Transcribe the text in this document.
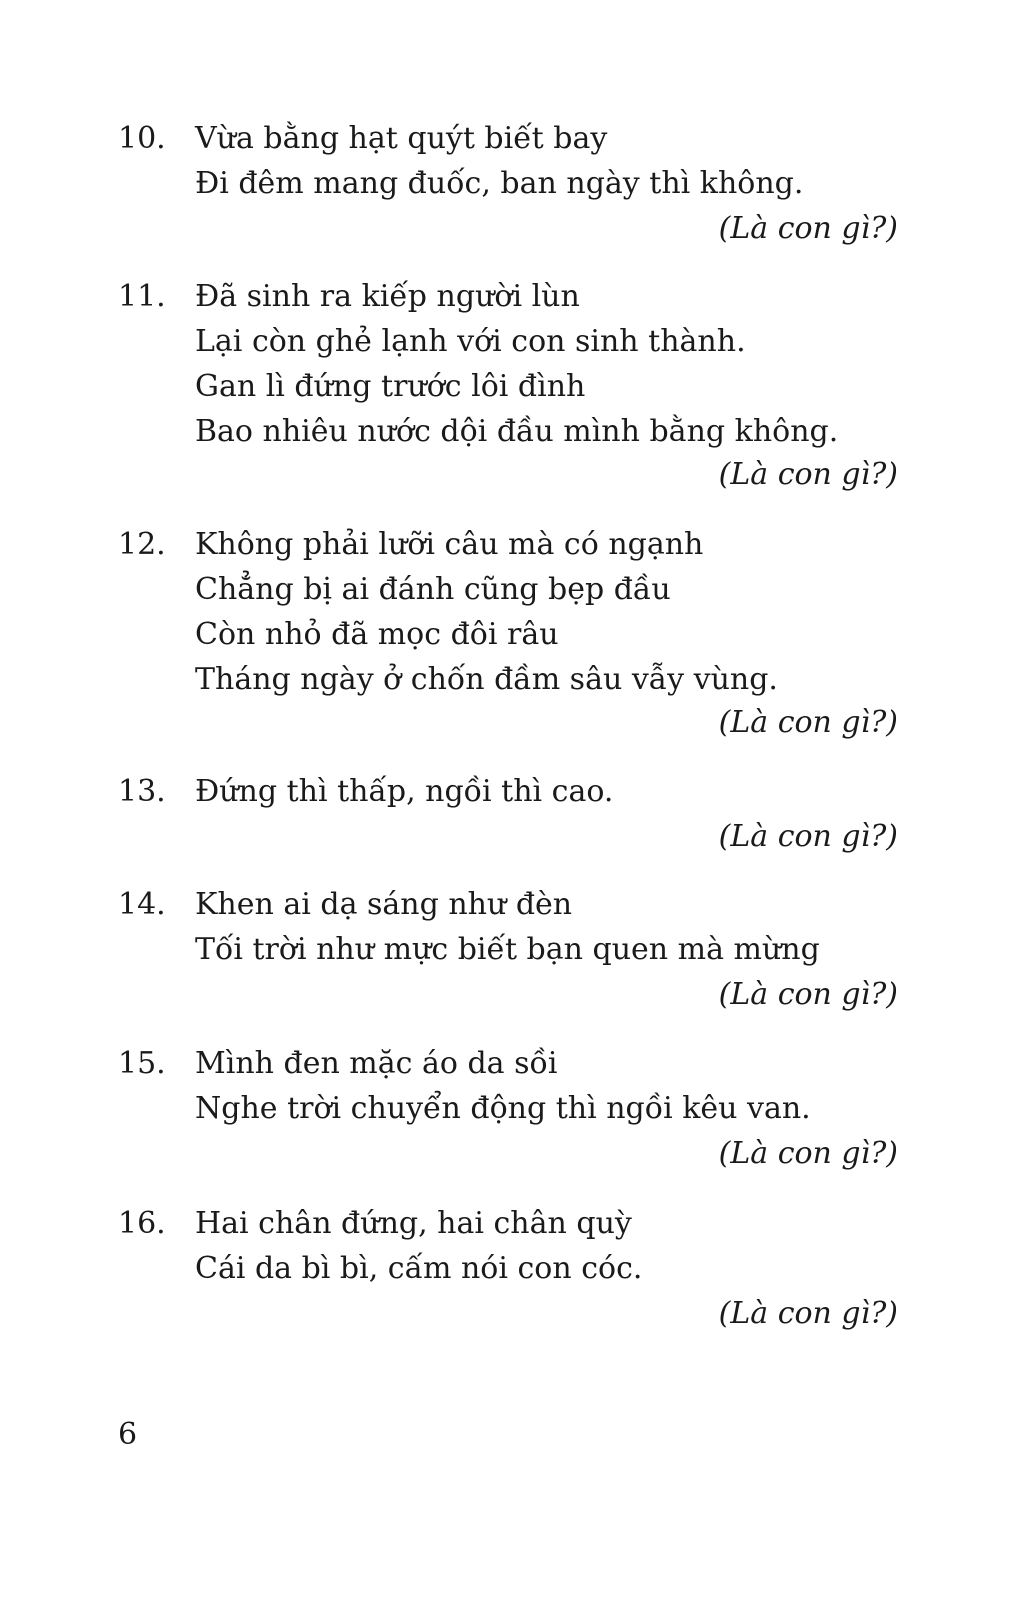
10. Vừa bằng hạt quýt biết bay
Đi đêm mang đuốc, ban ngày thì không.
(Là con gì?)
11. Đã sinh ra kiếp người lùn
Lại còn ghẻ lạnh với con sinh thành.
Gan lì đứng trước lôi đình
Bao nhiêu nước dội đầu mình bằng không.
(Là con gì?)
12. Không phải lưỡi câu mà có ngạnh
Chẳng bị ai đánh cũng bẹp đầu
Còn nhỏ đã mọc đôi râu
Tháng ngày ở chốn đầm sâu vẫy vùng.
(Là con gì?)
13. Đứng thì thấp, ngồi thì cao.
(Là con gì?)
14. Khen ai dạ sáng như đèn
Tối trời như mực biết bạn quen mà mừng
(Là con gì?)
15. Mình đen mặc áo da sồi
Nghe trời chuyển động thì ngồi kêu van.
(Là con gì?)
16. Hai chân đứng, hai chân quỳ
Cái da bì bì, cấm nói con cóc.
(Là con gì?)
6
